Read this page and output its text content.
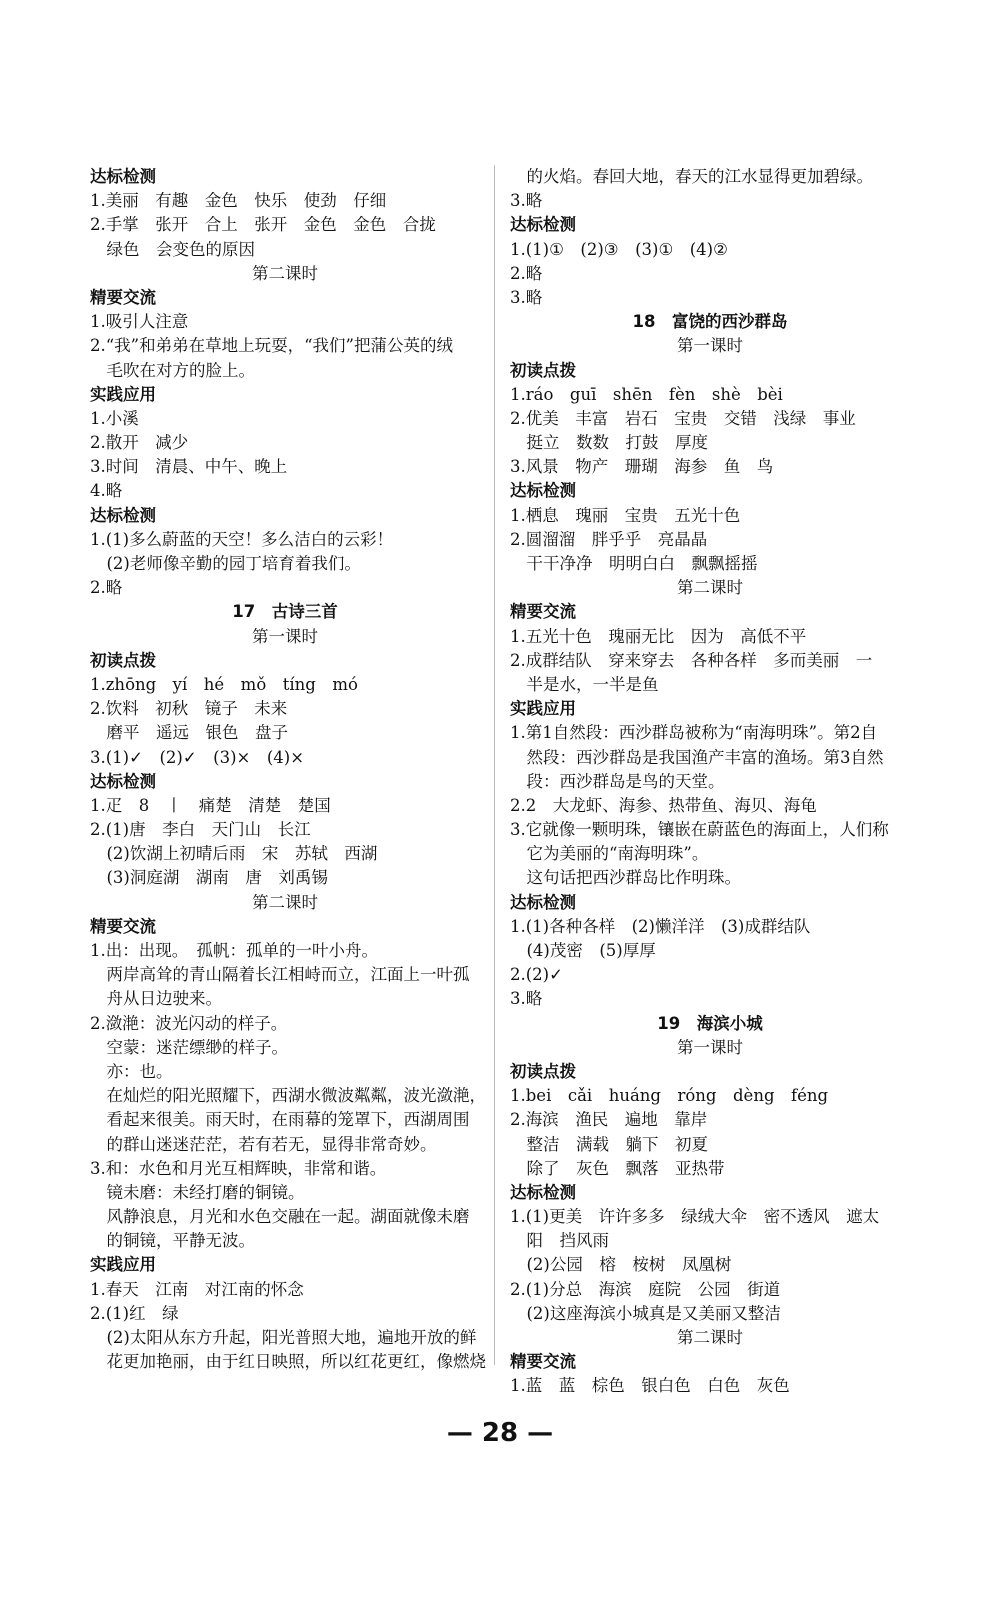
达标检测
1.美丽　有趣　金色　快乐　使劲　仔细
2.手掌　张开　合上　张开　金色　金色　合拢
　绿色　会变色的原因
第二课时
精要交流
1.吸引人注意
2.“我”和弟弟在草地上玩耍，“我们”把蒲公英的绒
　毛吹在对方的脸上。
实践应用
1.小溪
2.散开　减少
3.时间　清晨、中午、晚上
4.略
达标检测
1.(1)多么蔚蓝的天空！多么洁白的云彩！
　(2)老师像辛勤的园丁培育着我们。
2.略
17　古诗三首
第一课时
初读点拨
1.zhōng　yí　hé　mǒ　tíng　mó
2.饮料　初秋　镜子　未来
　磨平　遥远　银色　盘子
3.(1)✓　(2)✓　(3)×　(4)×
达标检测
1.疋　8　丨　痛楚　清楚　楚国
2.(1)唐　李白　天门山　长江
　(2)饮湖上初晴后雨　宋　苏轼　西湖
　(3)洞庭湖　湖南　唐　刘禹锡
第二课时
精要交流
1.出：出现。　孤帆：孤单的一叶小舟。
　两岸高耸的青山隔着长江相峙而立，江面上一叶孤
　舟从日边驶来。
2.潋滟：波光闪动的样子。
　空蒙：迷茫缥缈的样子。
　亦：也。
　在灿烂的阳光照耀下，西湖水微波粼粼，波光潋滟，
　看起来很美。雨天时，在雨幕的笼罩下，西湖周围
　的群山迷迷茫茫，若有若无，显得非常奇妙。
3.和：水色和月光互相辉映，非常和谐。
　镜未磨：未经打磨的铜镜。
　风静浪息，月光和水色交融在一起。湖面就像未磨
　的铜镜，平静无波。
实践应用
1.春天　江南　对江南的怀念
2.(1)红　绿
　(2)太阳从东方升起，阳光普照大地，遍地开放的鲜
　花更加艳丽，由于红日映照，所以红花更红，像燃烧
　的火焰。春回大地，春天的江水显得更加碧绿。
3.略
达标检测
1.(1)①　(2)③　(3)①　(4)②
2.略
3.略
18　富饶的西沙群岛
第一课时
初读点拨
1.ráo　guī　shēn　fèn　shè　bèi
2.优美　丰富　岩石　宝贵　交错　浅绿　事业
　挺立　数数　打鼓　厚度
3.风景　物产　珊瑚　海参　鱼　鸟
达标检测
1.栖息　瑰丽　宝贵　五光十色
2.圆溜溜　胖乎乎　亮晶晶
　干干净净　明明白白　飘飘摇摇
第二课时
精要交流
1.五光十色　瑰丽无比　因为　高低不平
2.成群结队　穿来穿去　各种各样　多而美丽　一
　半是水，一半是鱼
实践应用
1.第1自然段：西沙群岛被称为“南海明珠”。第2自
　然段：西沙群岛是我国渔产丰富的渔场。第3自然
　段：西沙群岛是鸟的天堂。
2.2　大龙虾、海参、热带鱼、海贝、海龟
3.它就像一颗明珠，镶嵌在蔚蓝色的海面上，人们称
　它为美丽的“南海明珠”。
　这句话把西沙群岛比作明珠。
达标检测
1.(1)各种各样　(2)懒洋洋　(3)成群结队
　(4)茂密　(5)厚厚
2.(2)✓
3.略
19　海滨小城
第一课时
初读点拨
1.bei　cǎi　huáng　róng　dèng　féng
2.海滨　渔民　遍地　靠岸
　整洁　满载　躺下　初夏
　除了　灰色　飘落　亚热带
达标检测
1.(1)更美　许许多多　绿绒大伞　密不透风　遮太
　阳　挡风雨
　(2)公园　榕　桉树　凤凰树
2.(1)分总　海滨　庭院　公园　街道
　(2)这座海滨小城真是又美丽又整洁
第二课时
精要交流
1.蓝　蓝　棕色　银白色　白色　灰色
— 28 —
